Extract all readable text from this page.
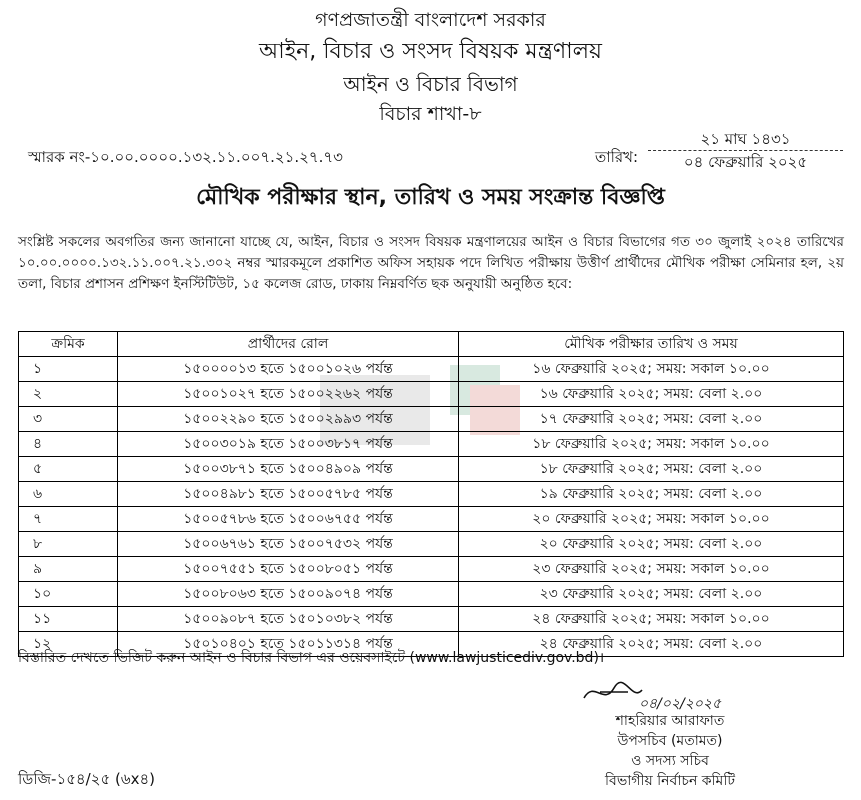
গণপ্রজাতন্ত্রী বাংলাদেশ সরকার
আইন, বিচার ও সংসদ বিষয়ক মন্ত্রণালয়
আইন ও বিচার বিভাগ
বিচার শাখা-৮
স্মারক নং-১০.০০.০০০০.১৩২.১১.০০৭.২১.২৭.৭৩	তারিখ:
২১ মাঘ ১৪৩১
০৪ ফেব্রুয়ারি ২০২৫
মৌখিক পরীক্ষার স্থান, তারিখ ও সময় সংক্রান্ত বিজ্ঞপ্তি
সংশ্লিষ্ট সকলের অবগতির জন্য জানানো যাচ্ছে যে, আইন, বিচার ও সংসদ বিষয়ক মন্ত্রণালয়ের আইন ও বিচার বিভাগের গত ৩০ জুলাই ২০২৪ তারিখের ১০.০০.০০০০.১৩২.১১.০০৭.২১.৩০২ নম্বর স্মারকমূলে প্রকাশিত অফিস সহায়ক পদে লিখিত পরীক্ষায় উত্তীর্ণ প্রার্থীদের মৌখিক পরীক্ষা সেমিনার হল, ২য় তলা, বিচার প্রশাসন প্রশিক্ষণ ইনস্টিটিউট, ১৫ কলেজ রোড, ঢাকায় নিম্নবর্ণিত ছক অনুযায়ী অনুষ্ঠিত হবে:
ক্রমিক	প্রার্থীদের রোল	মৌখিক পরীক্ষার তারিখ ও সময়
১	১৫০০০০১৩ হতে ১৫০০১০২৬ পর্যন্ত	১৬ ফেব্রুয়ারি ২০২৫; সময়: সকাল ১০.০০
২	১৫০০১০২৭ হতে ১৫০০২২৬২ পর্যন্ত	১৬ ফেব্রুয়ারি ২০২৫; সময়: বেলা ২.০০
৩	১৫০০২২৯০ হতে ১৫০০২৯৯৩ পর্যন্ত	১৭ ফেব্রুয়ারি ২০২৫; সময়: বেলা ২.০০
৪	১৫০০৩০১৯ হতে ১৫০০৩৮১৭ পর্যন্ত	১৮ ফেব্রুয়ারি ২০২৫; সময়: সকাল ১০.০০
৫	১৫০০৩৮৭১ হতে ১৫০০৪৯০৯ পর্যন্ত	১৮ ফেব্রুয়ারি ২০২৫; সময়: বেলা ২.০০
৬	১৫০০৪৯৮১ হতে ১৫০০৫৭৮৫ পর্যন্ত	১৯ ফেব্রুয়ারি ২০২৫; সময়: বেলা ২.০০
৭	১৫০০৫৭৮৬ হতে ১৫০০৬৭৫৫ পর্যন্ত	২০ ফেব্রুয়ারি ২০২৫; সময়: সকাল ১০.০০
৮	১৫০০৬৭৬১ হতে ১৫০০৭৫৩২ পর্যন্ত	২০ ফেব্রুয়ারি ২০২৫; সময়: বেলা ২.০০
৯	১৫০০৭৫৫১ হতে ১৫০০৮০৫১ পর্যন্ত	২৩ ফেব্রুয়ারি ২০২৫; সময়: সকাল ১০.০০
১০	১৫০০৮০৬৩ হতে ১৫০০৯০৭৪ পর্যন্ত	২৩ ফেব্রুয়ারি ২০২৫; সময়: বেলা ২.০০
১১	১৫০০৯০৮৭ হতে ১৫০১০৩৮২ পর্যন্ত	২৪ ফেব্রুয়ারি ২০২৫; সময়: সকাল ১০.০০
১২	১৫০১০৪০১ হতে ১৫০১১৩১৪ পর্যন্ত	২৪ ফেব্রুয়ারি ২০২৫; সময়: বেলা ২.০০
বিস্তারিত দেখতে ভিজিট করুন আইন ও বিচার বিভাগ এর ওয়েবসাইটে (www.lawjusticediv.gov.bd)।
০৪/০২/২০২৫
শাহরিয়ার আরাফাত
উপসচিব (মতামত)
ও সদস্য সচিব
বিভাগীয় নির্বাচন কমিটি
ডিজি-১৫৪/২৫ (৬x৪)
